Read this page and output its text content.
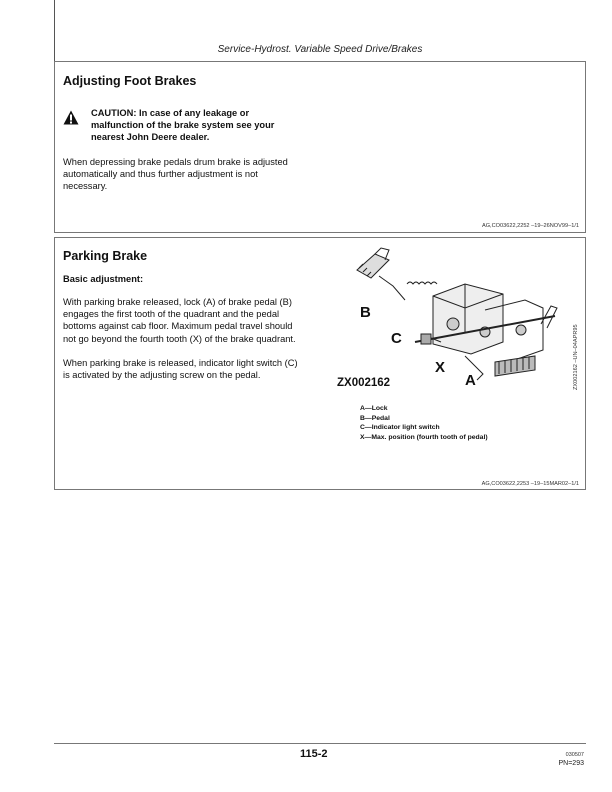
Service-Hydrost. Variable Speed Drive/Brakes
Adjusting Foot Brakes
CAUTION: In case of any leakage or
malfunction of the brake system see your
nearest John Deere dealer.
When depressing brake pedals drum brake is adjusted
automatically and thus further adjustment is not
necessary.
AG,CO03622,2252 –19–26NOV99–1/1
Parking Brake
Basic adjustment:
With parking brake released, lock (A) of brake pedal (B)
engages the first tooth of the quadrant and the pedal
bottoms against cab floor. Maximum pedal travel should
not go beyond the fourth tooth (X) of the brake quadrant.
When parking brake is released, indicator light switch (C)
is activated by the adjusting screw on the pedal.
B
C
X
A
ZX002162	ZX002162 –UN–04APR95
A—Lock
B—Pedal
C—Indicator light switch
X—Max. position (fourth tooth of pedal)
AG,CO03622,2253 –19–15MAR02–1/1
115-2	030507
PN=293
